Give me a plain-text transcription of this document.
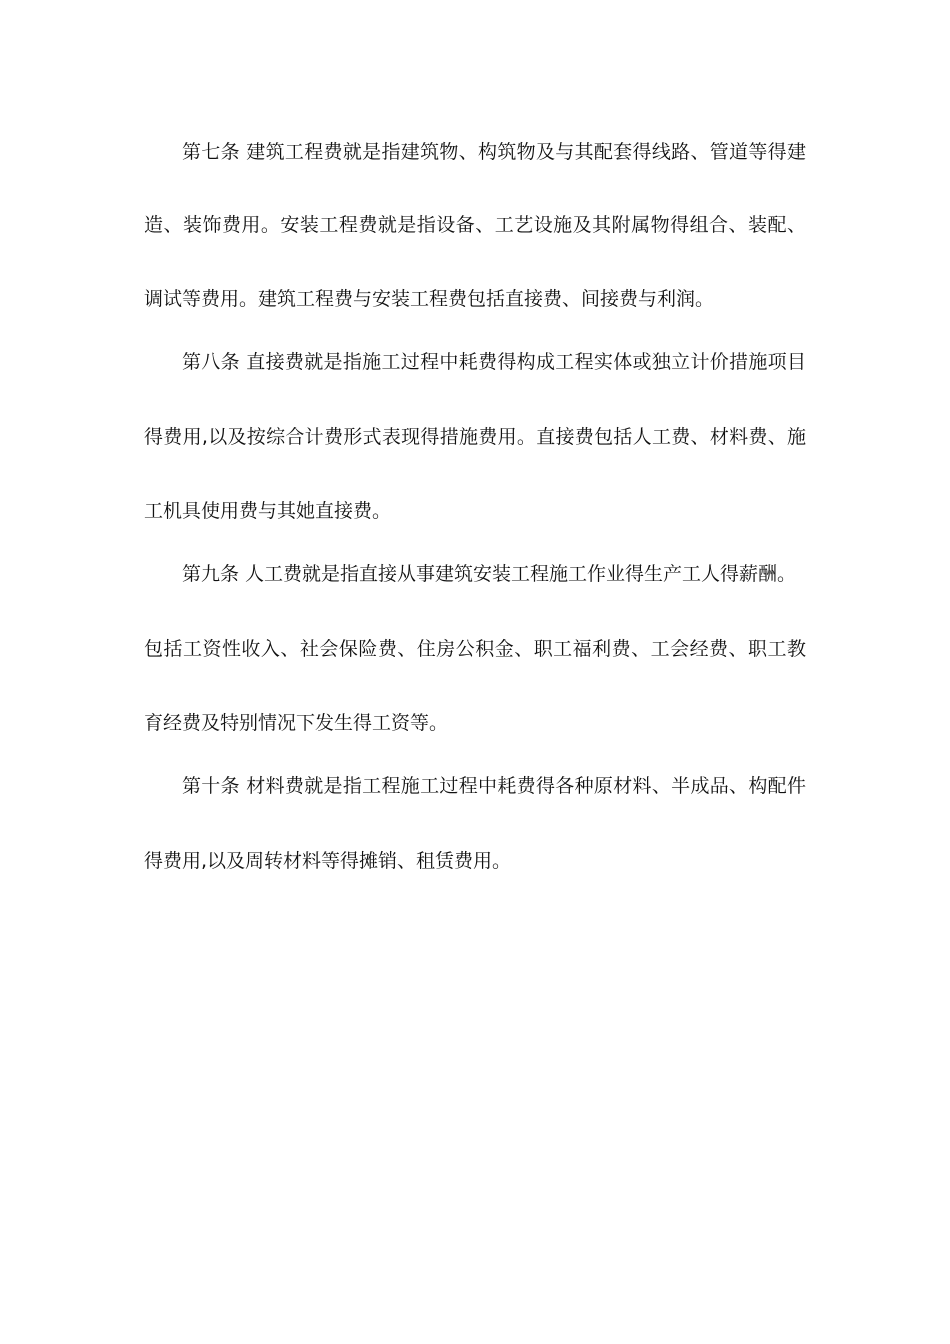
第七条 建筑工程费就是指建筑物、构筑物及与其配套得线路、管道等得建
造、装饰费用。安装工程费就是指设备、工艺设施及其附属物得组合、装配、
调试等费用。建筑工程费与安装工程费包括直接费、间接费与利润。
第八条 直接费就是指施工过程中耗费得构成工程实体或独立计价措施项目
得费用,以及按综合计费形式表现得措施费用。直接费包括人工费、材料费、施
工机具使用费与其她直接费。
第九条 人工费就是指直接从事建筑安装工程施工作业得生产工人得薪酬。
包括工资性收入、社会保险费、住房公积金、职工福利费、工会经费、职工教
育经费及特别情况下发生得工资等。
第十条 材料费就是指工程施工过程中耗费得各种原材料、半成品、构配件
得费用,以及周转材料等得摊销、租赁费用。
